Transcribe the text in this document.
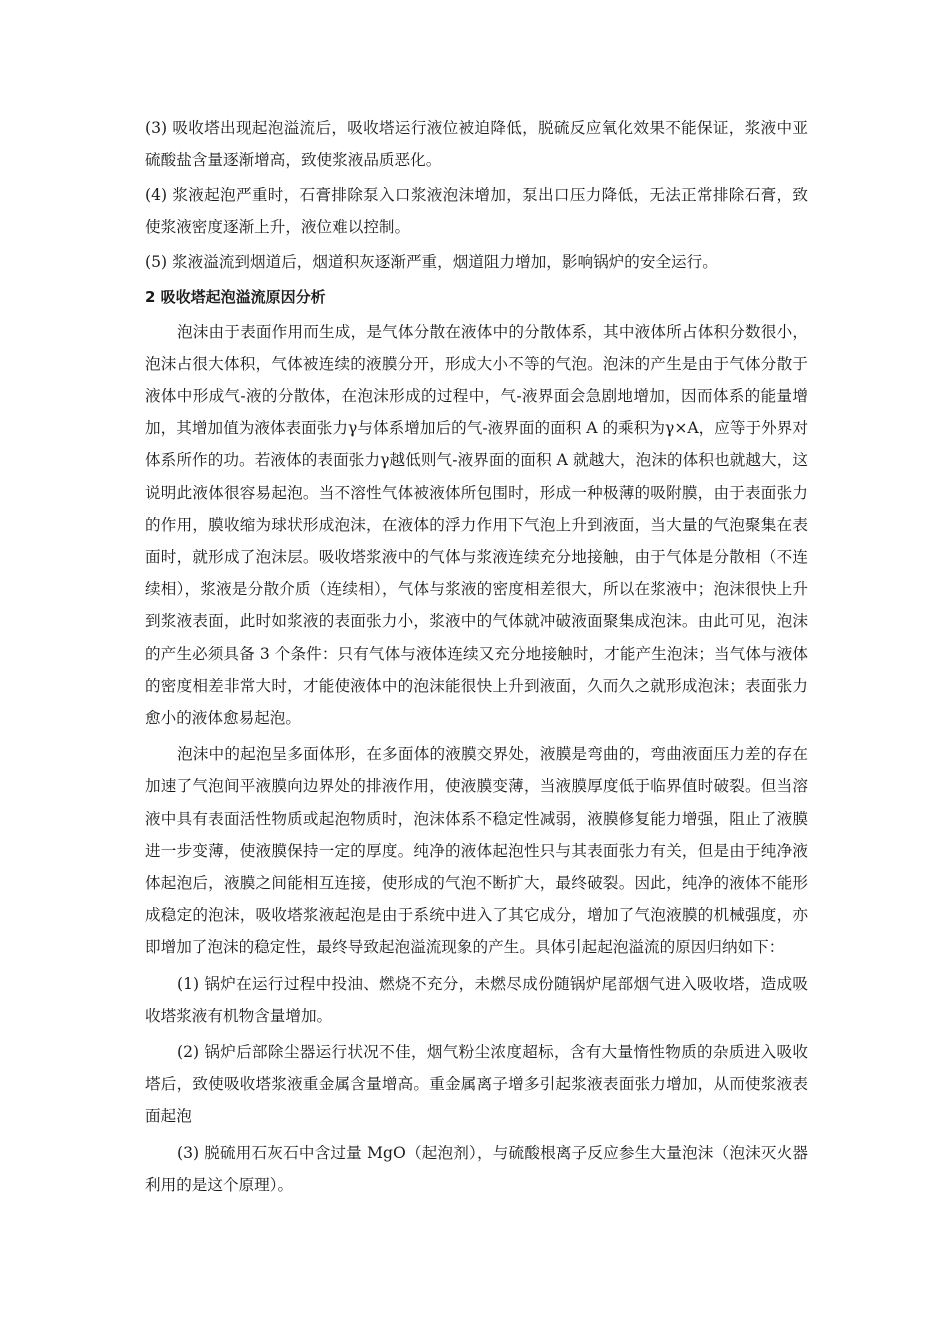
(3) 吸收塔出现起泡溢流后，吸收塔运行液位被迫降低，脱硫反应氧化效果不能保证，浆液中亚硫酸盐含量逐渐增高，致使浆液品质恶化。

(4) 浆液起泡严重时，石膏排除泵入口浆液泡沫增加，泵出口压力降低，无法正常排除石膏，致使浆液密度逐渐上升，液位难以控制。

(5) 浆液溢流到烟道后，烟道积灰逐渐严重，烟道阻力增加，影响锅炉的安全运行。

2 吸收塔起泡溢流原因分析

泡沫由于表面作用而生成，是气体分散在液体中的分散体系，其中液体所占体积分数很小，泡沫占很大体积，气体被连续的液膜分开，形成大小不等的气泡。泡沫的产生是由于气体分散于液体中形成气-液的分散体，在泡沫形成的过程中，气-液界面会急剧地增加，因而体系的能量增加，其增加值为液体表面张力γ与体系增加后的气-液界面的面积 A 的乘积为γ×A，应等于外界对体系所作的功。若液体的表面张力γ越低则气-液界面的面积 A 就越大，泡沫的体积也就越大，这说明此液体很容易起泡。当不溶性气体被液体所包围时，形成一种极薄的吸附膜，由于表面张力的作用，膜收缩为球状形成泡沫，在液体的浮力作用下气泡上升到液面，当大量的气泡聚集在表面时，就形成了泡沫层。吸收塔浆液中的气体与浆液连续充分地接触，由于气体是分散相（不连续相），浆液是分散介质（连续相），气体与浆液的密度相差很大，所以在浆液中；泡沫很快上升到浆液表面，此时如浆液的表面张力小，浆液中的气体就冲破液面聚集成泡沫。由此可见，泡沫的产生必须具备 3 个条件：只有气体与液体连续又充分地接触时，才能产生泡沫；当气体与液体的密度相差非常大时，才能使液体中的泡沫能很快上升到液面，久而久之就形成泡沫；表面张力愈小的液体愈易起泡。

泡沫中的起泡呈多面体形，在多面体的液膜交界处，液膜是弯曲的，弯曲液面压力差的存在加速了气泡间平液膜向边界处的排液作用，使液膜变薄，当液膜厚度低于临界值时破裂。但当溶液中具有表面活性物质或起泡物质时，泡沫体系不稳定性减弱，液膜修复能力增强，阻止了液膜进一步变薄，使液膜保持一定的厚度。纯净的液体起泡性只与其表面张力有关，但是由于纯净液体起泡后，液膜之间能相互连接，使形成的气泡不断扩大，最终破裂。因此，纯净的液体不能形成稳定的泡沫，吸收塔浆液起泡是由于系统中进入了其它成分，增加了气泡液膜的机械强度，亦即增加了泡沫的稳定性，最终导致起泡溢流现象的产生。具体引起起泡溢流的原因归纳如下：

(1) 锅炉在运行过程中投油、燃烧不充分，未燃尽成份随锅炉尾部烟气进入吸收塔，造成吸收塔浆液有机物含量增加。

(2) 锅炉后部除尘器运行状况不佳，烟气粉尘浓度超标，含有大量惰性物质的杂质进入吸收塔后，致使吸收塔浆液重金属含量增高。重金属离子增多引起浆液表面张力增加，从而使浆液表面起泡

(3) 脱硫用石灰石中含过量 MgO（起泡剂），与硫酸根离子反应参生大量泡沫（泡沫灭火器利用的是这个原理）。
